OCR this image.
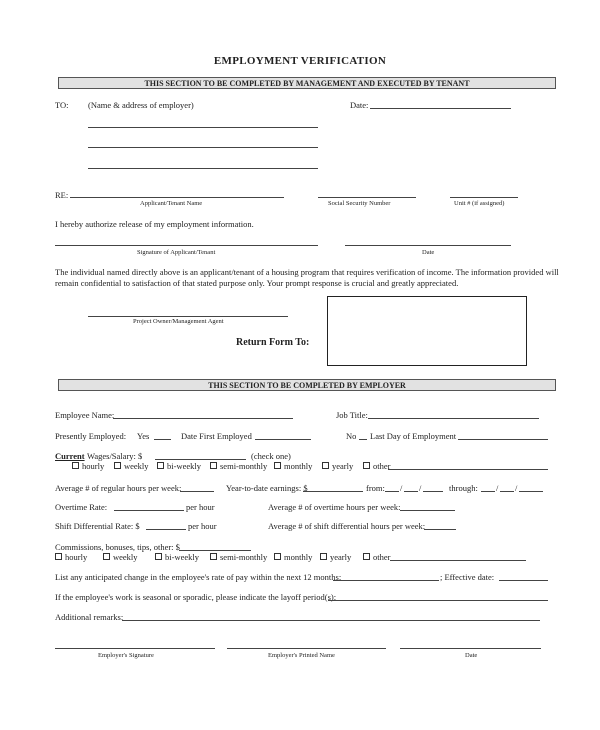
EMPLOYMENT VERIFICATION
THIS SECTION TO BE COMPLETED BY MANAGEMENT AND EXECUTED BY TENANT
TO: (Name & address of employer)	Date:
RE:
Applicant/Tenant Name	Social Security Number	Unit # (if assigned)
I hereby authorize release of my employment information.
Signature of Applicant/Tenant	Date
The individual named directly above is an applicant/tenant of a housing program that requires verification of income. The information provided will
remain confidential to satisfaction of that stated purpose only. Your prompt response is crucial and greatly appreciated.
Project Owner/Management Agent
Return Form To:
THIS SECTION TO BE COMPLETED BY EMPLOYER
Employee Name:	Job Title:
Presently Employed: Yes	Date First Employed	No Last Day of Employment
Current Wages/Salary: $	(check one)
hourly	weekly	bi-weekly	semi-monthly	monthly	yearly	other
Average # of regular hours per week:	Year-to-date earnings: $	from: / /	through: / /
Overtime Rate:	per hour	Average # of overtime hours per week:
Shift Differential Rate: $	per hour	Average # of shift differential hours per week:
Commissions, bonuses, tips, other: $
hourly	weekly	bi-weekly	semi-monthly	monthly	yearly	other
List any anticipated change in the employee's rate of pay within the next 12 months:	; Effective date:
If the employee's work is seasonal or sporadic, please indicate the layoff period(s):
Additional remarks:
Employer's Signature	Employer's Printed Name	Date
